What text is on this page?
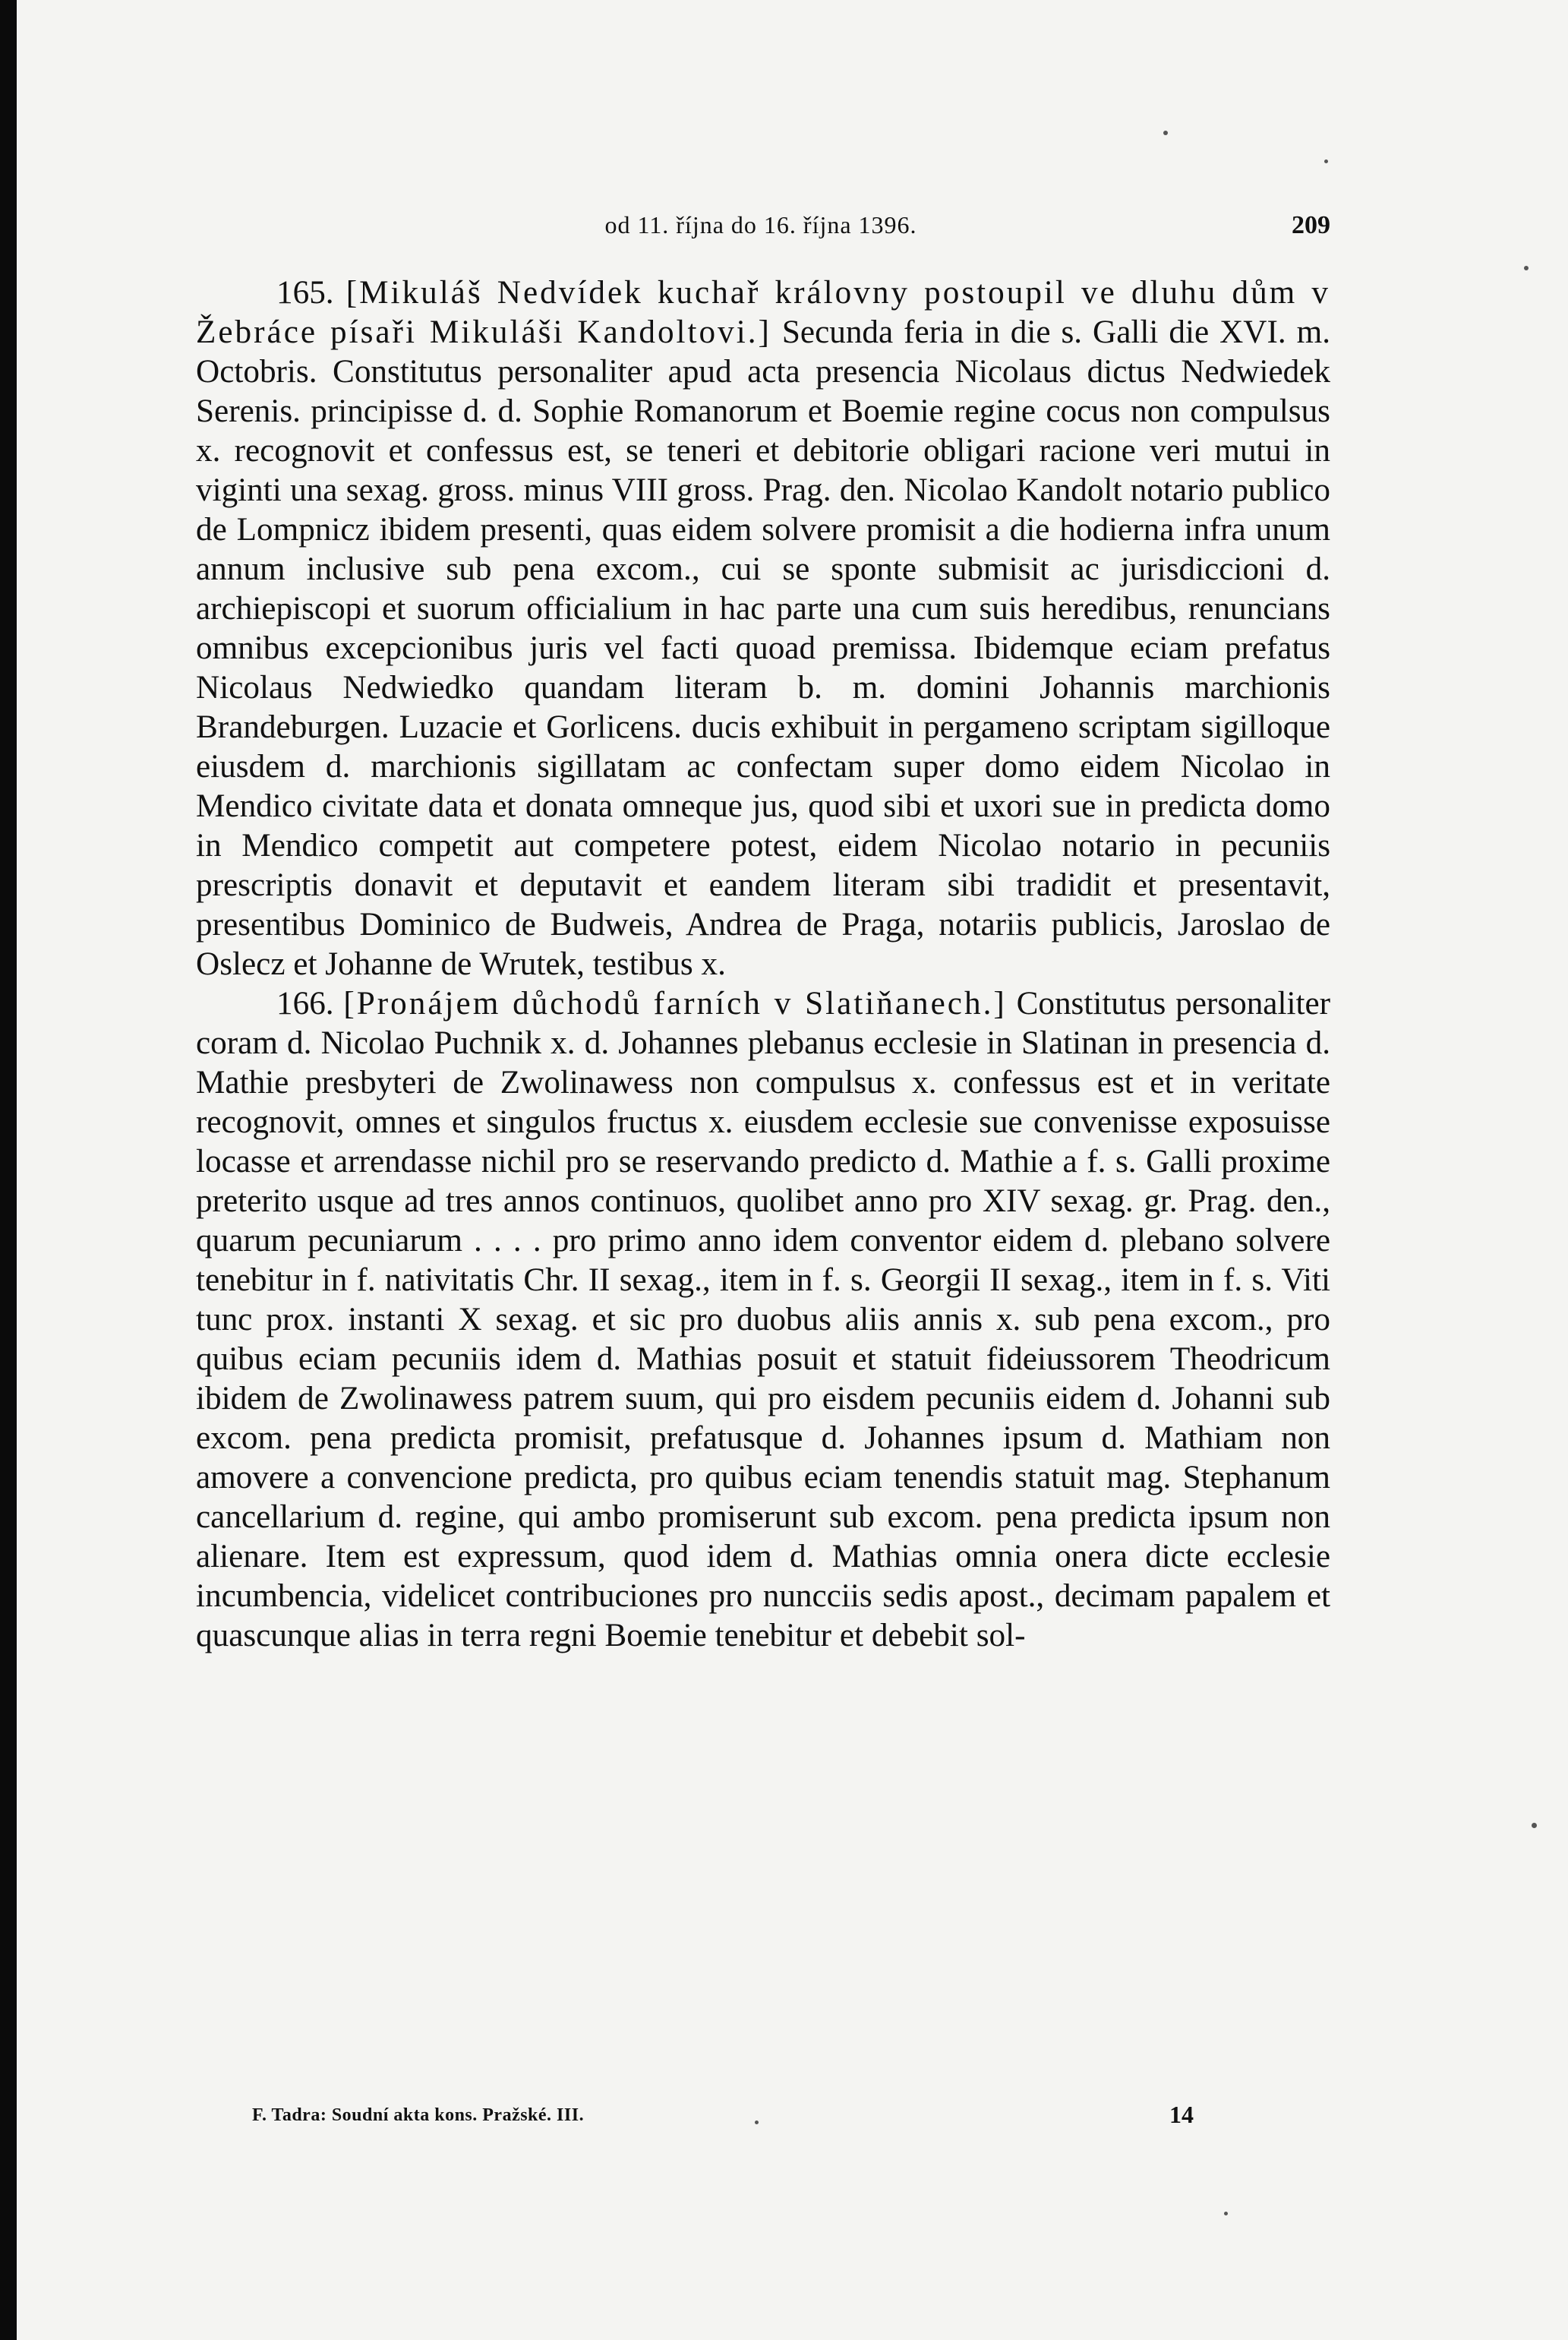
od 11. října do 16. října 1396.	209

165. [Mikuláš Nedvídek kuchař královny postoupil ve dluhu dům v Žebráce písaři Mikuláši Kandoltovi.] Secunda feria in die s. Galli die XVI. m. Octobris. Constitutus personaliter apud acta presencia Nicolaus dictus Nedwiedek Serenis. principisse d. d. Sophie Romanorum et Boemie regine cocus non compulsus x. recognovit et confessus est, se teneri et debitorie obligari racione veri mutui in viginti una sexag. gross. minus VIII gross. Prag. den. Nicolao Kandolt notario publico de Lompnicz ibidem presenti, quas eidem solvere promisit a die hodierna infra unum annum inclusive sub pena excom., cui se sponte submisit ac jurisdiccioni d. archiepiscopi et suorum officialium in hac parte una cum suis heredibus, renuncians omnibus excepcionibus juris vel facti quoad premissa. Ibidemque eciam prefatus Nicolaus Nedwiedko quandam literam b. m. domini Johannis marchionis Brandeburgen. Luzacie et Gorlicens. ducis exhibuit in pergameno scriptam sigilloque eiusdem d. marchionis sigillatam ac confectam super domo eidem Nicolao in Mendico civitate data et donata omneque jus, quod sibi et uxori sue in predicta domo in Mendico competit aut competere potest, eidem Nicolao notario in pecuniis prescriptis donavit et deputavit et eandem literam sibi tradidit et presentavit, presentibus Dominico de Budweis, Andrea de Praga, notariis publicis, Jaroslao de Oslecz et Johanne de Wrutek, testibus x.

166. [Pronájem důchodů farních v Slatiňanech.] Constitutus personaliter coram d. Nicolao Puchnik x. d. Johannes plebanus ecclesie in Slatinan in presencia d. Mathie presbyteri de Zwolinawess non compulsus x. confessus est et in veritate recognovit, omnes et singulos fructus x. eiusdem ecclesie sue convenisse exposuisse locasse et arrendasse nichil pro se reservando predicto d. Mathie a f. s. Galli proxime preterito usque ad tres annos continuos, quolibet anno pro XIV sexag. gr. Prag. den., quarum pecuniarum . . . . pro primo anno idem conventor eidem d. plebano solvere tenebitur in f. nativitatis Chr. II sexag., item in f. s. Georgii II sexag., item in f. s. Viti tunc prox. instanti X sexag. et sic pro duobus aliis annis x. sub pena excom., pro quibus eciam pecuniis idem d. Mathias posuit et statuit fideiussorem Theodricum ibidem de Zwolinawess patrem suum, qui pro eisdem pecuniis eidem d. Johanni sub excom. pena predicta promisit, prefatusque d. Johannes ipsum d. Mathiam non amovere a convencione predicta, pro quibus eciam tenendis statuit mag. Stephanum cancellarium d. regine, qui ambo promiserunt sub excom. pena predicta ipsum non alienare. Item est expressum, quod idem d. Mathias omnia onera dicte ecclesie incumbencia, videlicet contribuciones pro nuncciis sedis apost., decimam papalem et quascunque alias in terra regni Boemie tenebitur et debebit sol-

F. Tadra: Soudní akta kons. Pražské. III.	14
